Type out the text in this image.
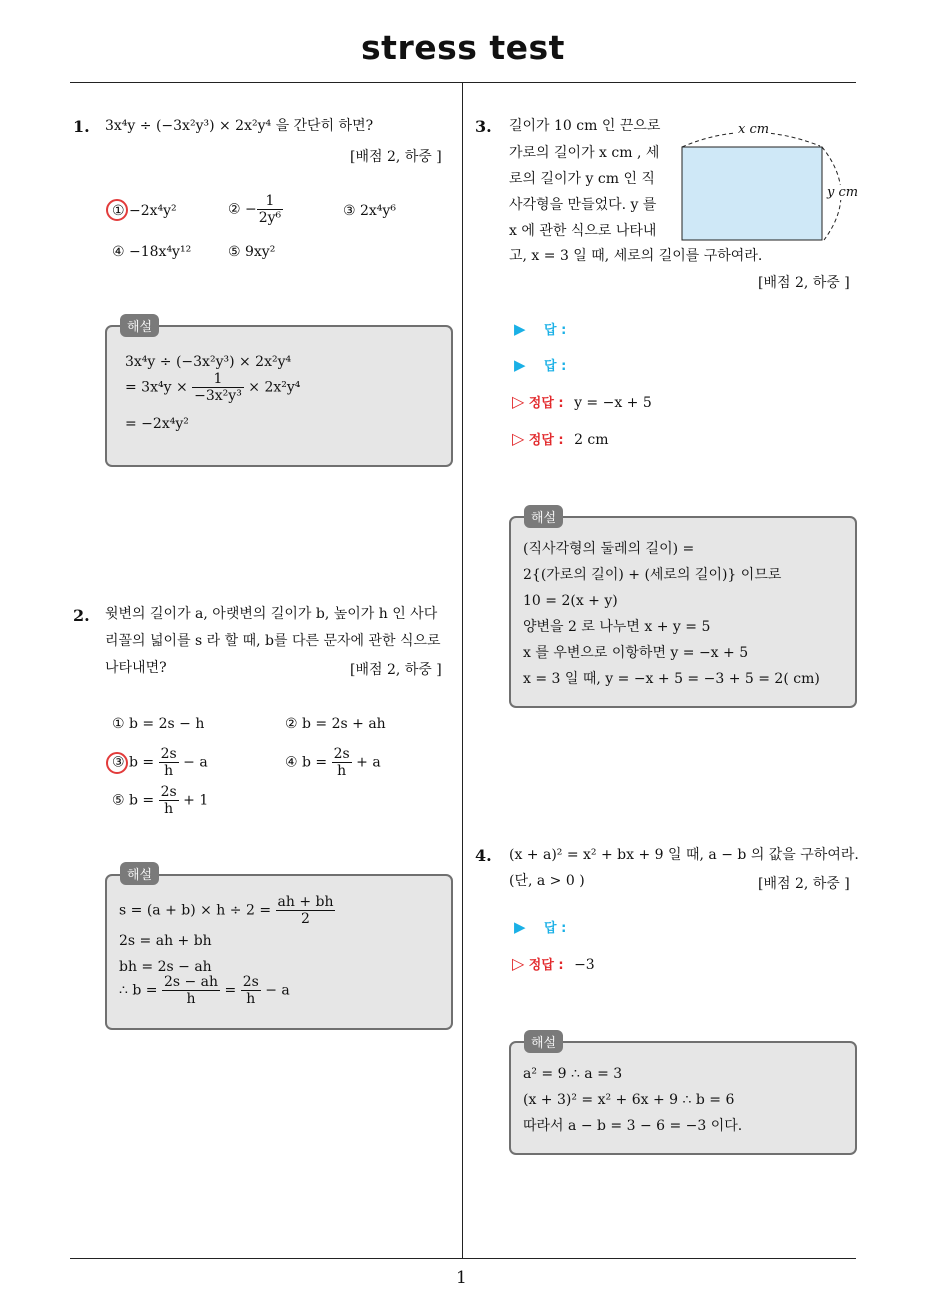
stress test
1
1. 3x⁴y ÷ (−3x²y³) × 2x²y⁴ 을 간단히 하면?
[배점 2, 하중 ]
① −2x⁴y²	② − $\frac{1}{\text{2y⁶}}$	③ 2x⁴y⁶
④ −18x⁴y¹²	⑤ 9xy²
3x⁴y ÷ (−3x²y³) × 2x²y⁴
= $3x^4y \times \frac{1}{\text{−3x²y³}} \times 2x^2y^4$
= −2x⁴y²
해설
2. 윗변의 길이가 a, 아랫변의 길이가 b, 높이가 h 인 사다
리꼴의 넓이를 s 라 할 때, b를 다른 문자에 관한 식으로
나타내면?	[배점 2, 하중 ]
① b = 2s − h	② b = 2s + ah
③ $b = \frac{2s}{h} - a$	④ $b = \frac{2s}{h} + a$
⑤ $b = \frac{2s}{h} + 1$
$s = (a + b) \times h \div 2 = \frac{ah + bh}{2}$
2s = ah + bh
bh = 2s − ah
∴ $b = \frac{2s - ah}{h} = \frac{2s}{h} - a$
해설
3. 길이가 10 cm 인 끈으로
가로의 길이가 x cm , 세
로의 길이가 y cm 인 직
사각형을 만들었다. y 를
x 에 관한 식으로 나타내
고, x = 3 일 때, 세로의 길이를 구하여라.
[배점 2, 하중 ]
x cm
y cm
▶ 답 :
▶ 답 :
▷ 정답 : y = −x + 5
▷ 정답 : 2 cm
(직사각형의 둘레의 길이) =
2{(가로의 길이) + (세로의 길이)} 이므로
10 = 2(x + y)
양변을 2 로 나누면 x + y = 5
x 를 우변으로 이항하면 y = −x + 5
x = 3 일 때, y = −x + 5 = −3 + 5 = 2( cm)
해설
4. (x + a)² = x² + bx + 9 일 때, a − b 의 값을 구하여라.
(단, a > 0 )	[배점 2, 하중 ]
▶ 답 :
▷ 정답 : −3
a² = 9 ∴ a = 3
(x + 3)² = x² + 6x + 9 ∴ b = 6
따라서 a − b = 3 − 6 = −3 이다.
해설
